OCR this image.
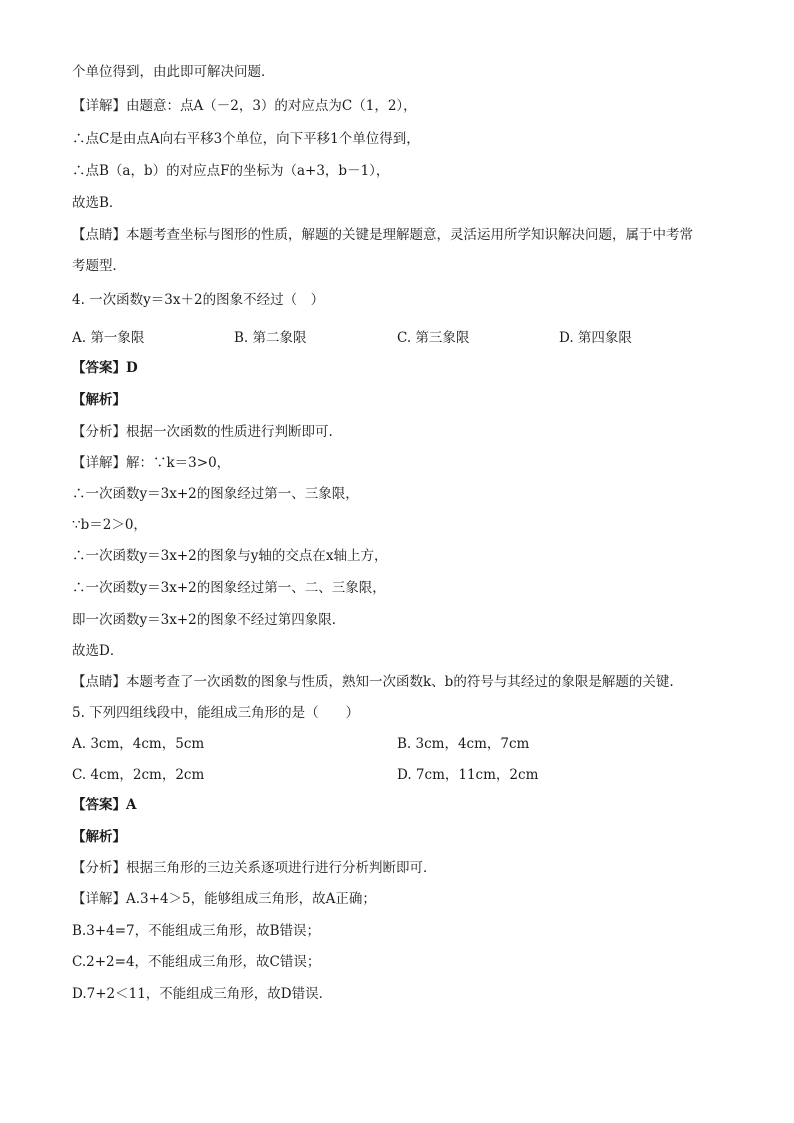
个单位得到，由此即可解决问题．
【详解】由题意：点A（－2，3）的对应点为C（1，2），
∴点C是由点A向右平移3个单位，向下平移1个单位得到，
∴点B（a，b）的对应点F的坐标为（a+3，b－1），
故选B．
【点睛】本题考查坐标与图形的性质，解题的关键是理解题意，灵活运用所学知识解决问题，属于中考常
考题型．
4. 一次函数y＝3x＋2的图象不经过（　）
A. 第一象限	B. 第二象限	C. 第三象限	D. 第四象限
【答案】D
【解析】
【分析】根据一次函数的性质进行判断即可.
【详解】解：∵k＝3>0，
∴一次函数y＝3x+2的图象经过第一、三象限，
∵b＝2＞0，
∴一次函数y＝3x+2的图象与y轴的交点在x轴上方，
∴一次函数y＝3x+2的图象经过第一、二、三象限，
即一次函数y＝3x+2的图象不经过第四象限．
故选D．
【点睛】本题考查了一次函数的图象与性质，熟知一次函数k、b的符号与其经过的象限是解题的关键.
5. 下列四组线段中，能组成三角形的是（　　）
A. 3cm，4cm，5cm	B. 3cm，4cm，7cm
C. 4cm，2cm，2cm	D. 7cm，11cm，2cm
【答案】A
【解析】
【分析】根据三角形的三边关系逐项进行进行分析判断即可．
【详解】A.3+4＞5，能够组成三角形，故A正确；
B.3+4=7，不能组成三角形，故B错误；
C.2+2=4，不能组成三角形，故C错误；
D.7+2＜11，不能组成三角形，故D错误．
